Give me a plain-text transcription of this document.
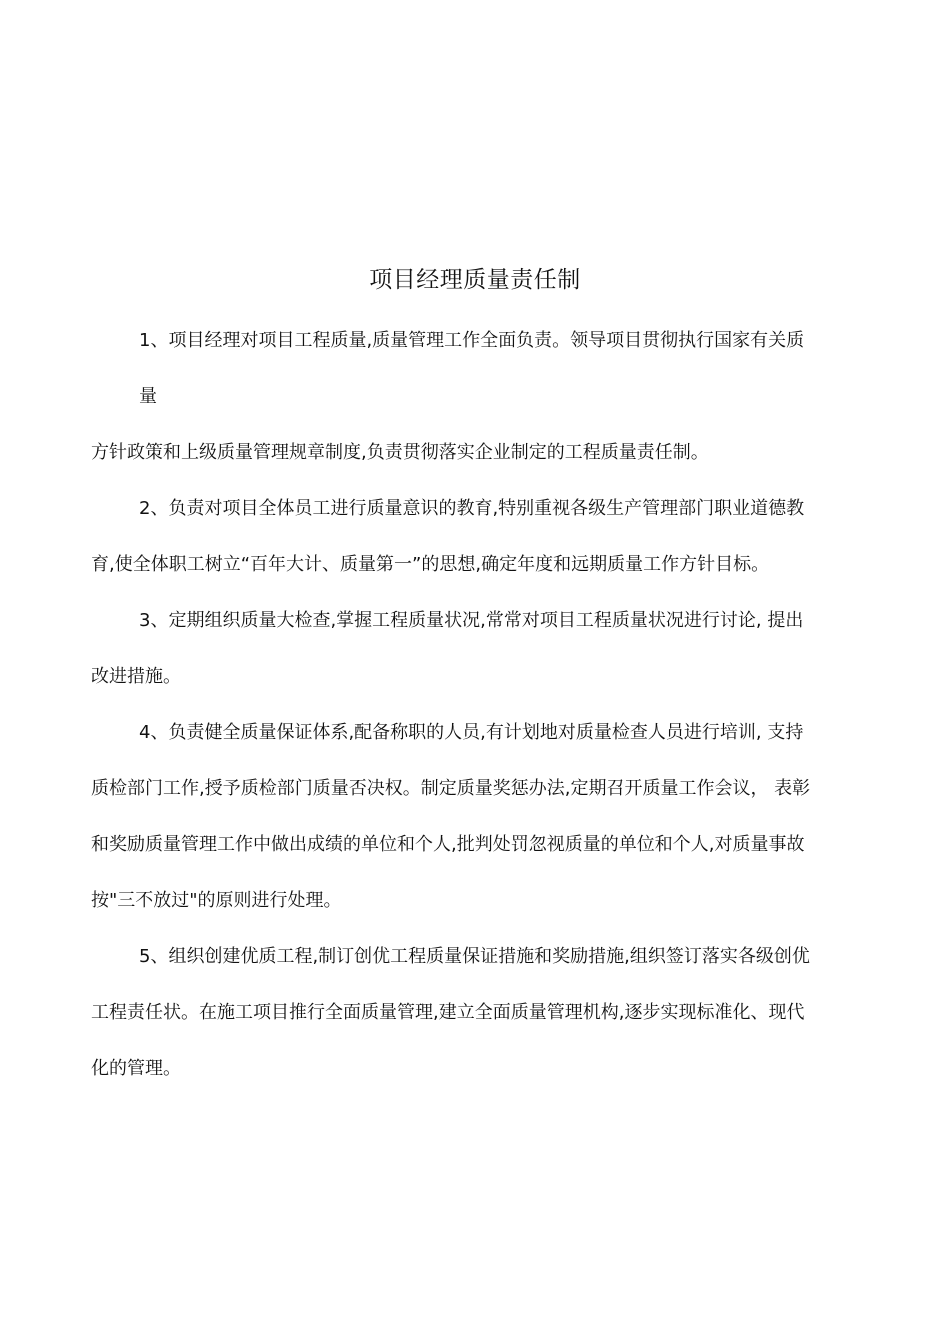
项目经理质量责任制
1、项目经理对项目工程质量,质量管理工作全面负责。领导项目贯彻执行国家有关质
量
方针政策和上级质量管理规章制度,负责贯彻落实企业制定的工程质量责任制。
2、负责对项目全体员工进行质量意识的教育,特别重视各级生产管理部门职业道德教
育,使全体职工树立“百年大计、质量第一”的思想,确定年度和远期质量工作方针目标。
3、定期组织质量大检查,掌握工程质量状况,常常对项目工程质量状况进行讨论, 提出
改进措施。
4、负责健全质量保证体系,配备称职的人员,有计划地对质量检查人员进行培训, 支持
质检部门工作,授予质检部门质量否决权。制定质量奖惩办法,定期召开质量工作会议， 表彰
和奖励质量管理工作中做出成绩的单位和个人,批判处罚忽视质量的单位和个人,对质量事故
按"三不放过"的原则进行处理。
5、组织创建优质工程,制订创优工程质量保证措施和奖励措施,组织签订落实各级创优
工程责任状。在施工项目推行全面质量管理,建立全面质量管理机构,逐步实现标准化、现代
化的管理。
